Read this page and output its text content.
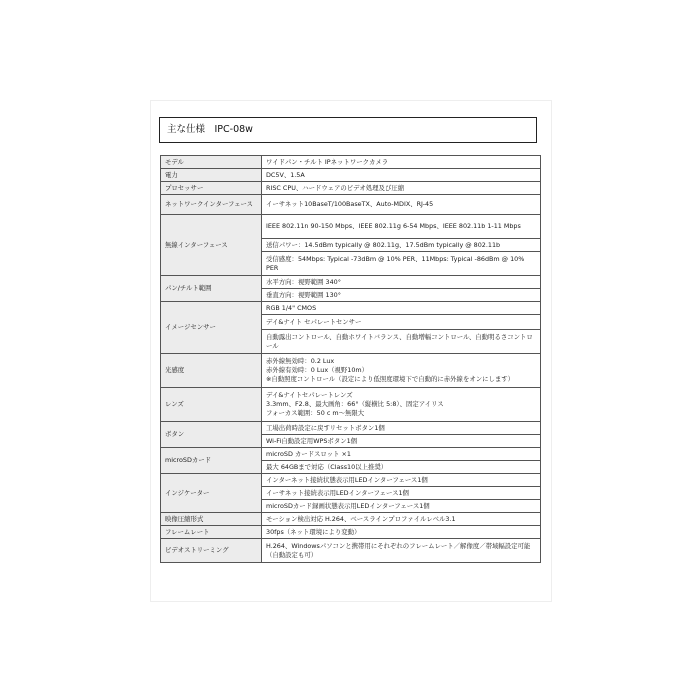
主な仕様　IPC-08w
モデル	ワイドパン・チルト IPネットワークカメラ
電力	DC5V、1.5A
プロセッサー	RISC CPU、ハードウェアのビデオ処理及び圧縮
ネットワークインターフェース	イーサネット10BaseT/100BaseTX、Auto-MDIX、RJ-45
無線インターフェース	IEEE 802.11n 90-150 Mbps、IEEE 802.11g 6-54 Mbps、IEEE 802.11b 1-11 Mbps
	送信パワー：14.5dBm typically @ 802.11g、17.5dBm typically @ 802.11b
	受信感度：54Mbps: Typical -73dBm @ 10% PER、11Mbps: Typical -86dBm @ 10% PER
パン/チルト範囲	水平方向：視野範囲 340°
	垂直方向：視野範囲 130°
イメージセンサー	RGB 1/4" CMOS
	デイ&ナイト セパレートセンサー
	自動露出コントロール、自動ホワイトバランス、自動増幅コントロール、自動明るさコントロール
光感度	赤外線無効時：0.2 Lux
赤外線有効時：0 Lux（視野10m）
※自動照度コントロール（設定により低照度環境下で自動的に赤外線をオンにします）
レンズ	デイ&ナイトセパレートレンズ
3.3mm、F2.8、最大画角：66°（縦横比 5:8）、固定アイリス
フォーカス範囲：50 c m～無限大
ボタン	工場出荷時設定に戻すリセットボタン1個
	Wi-Fi自動設定用WPSボタン1個
microSDカード	microSD カードスロット ×1
	最大 64GBまで対応（Class10以上推奨）
インジケーター	インターネット接続状態表示用LEDインターフェース1個
	イーサネット接続表示用LEDインターフェース1個
	microSDカード録画状態表示用LEDインターフェース1個
映像圧縮形式	モーション検出対応 H.264、ベースラインプロファイルレベル3.1
フレームレート	30fps（ネット環境により変動）
ビデオストリーミング	H.264、Windowsパソコンと携帯用にそれぞれのフレームレート／解像度／帯域幅設定可能（自動設定も可）
